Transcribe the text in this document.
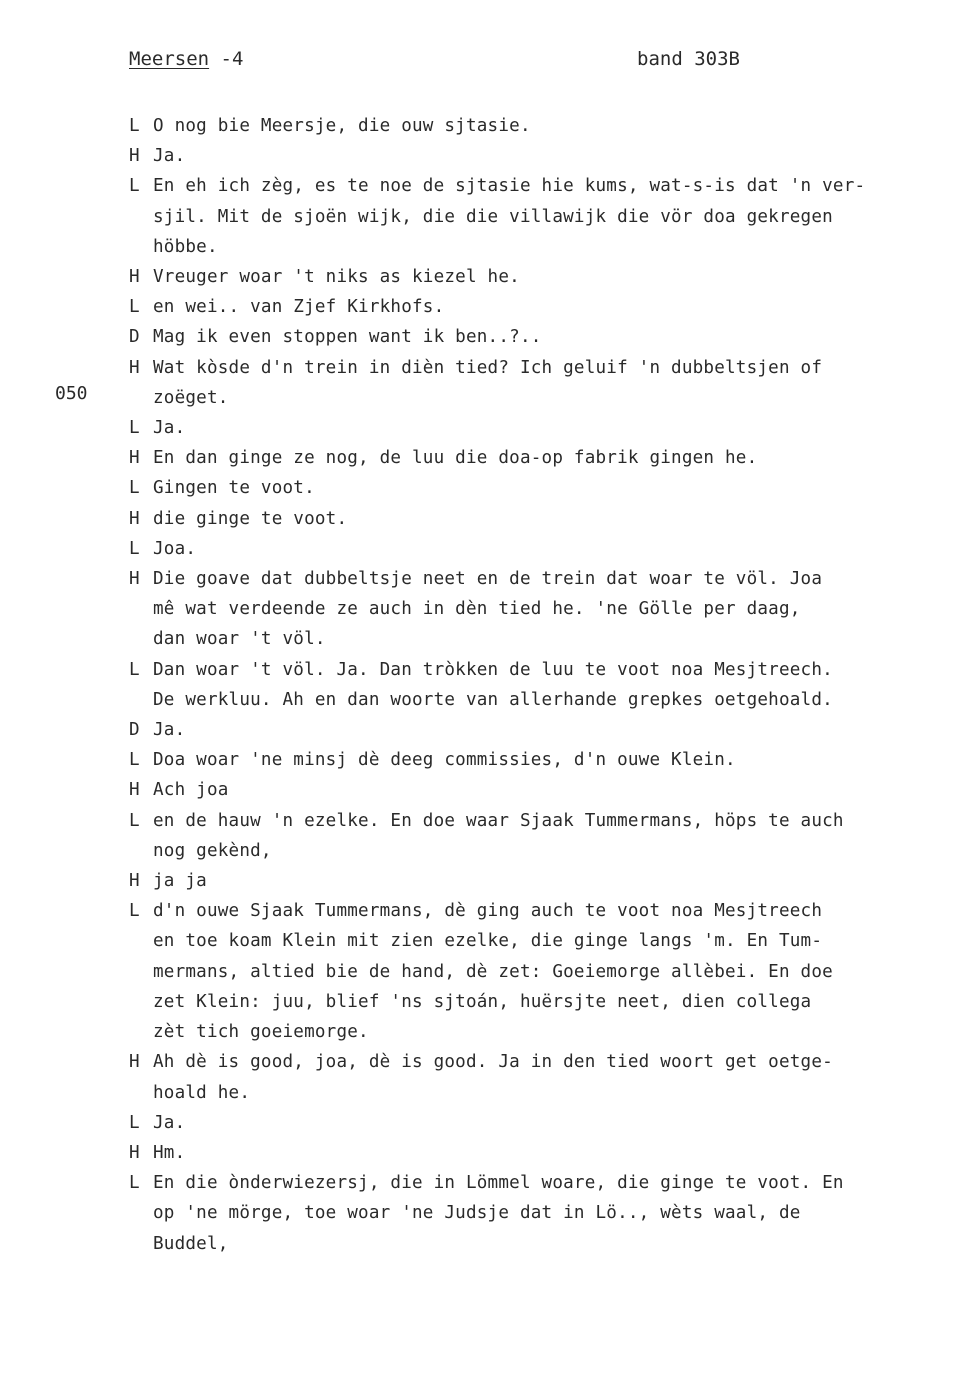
Meersen -4	band 303B
050
L O nog bie Meersje, die ouw sjtasie.
H Ja.
L En eh ich zèg, es te noe de sjtasie hie kums, wat-s-is dat 'n ver-
sjil. Mit de sjoën wijk, die die villawijk die vör doa gekregen
höbbe.
H Vreuger woar 't niks as kiezel he.
L en wei.. van Zjef Kirkhofs.
D Mag ik even stoppen want ik ben..?..
H Wat kòsde d'n trein in dièn tied? Ich geluif 'n dubbeltsjen of
zoëget.
L Ja.
H En dan ginge ze nog, de luu die doa-op fabrik gingen he.
L Gingen te voot.
H die ginge te voot.
L Joa.
H Die goave dat dubbeltsje neet en de trein dat woar te völ. Joa
mê wat verdeende ze auch in dèn tied he. 'ne Gölle per daag,
dan woar 't völ.
L Dan woar 't völ. Ja. Dan tròkken de luu te voot noa Mesjtreech.
De werkluu. Ah en dan woorte van allerhande grepkes oetgehoald.
D Ja.
L Doa woar 'ne minsj dè deeg commissies, d'n ouwe Klein.
H Ach joa
L en de hauw 'n ezelke. En doe waar Sjaak Tummermans, höps te auch
nog gekènd,
H ja ja
L d'n ouwe Sjaak Tummermans, dè ging auch te voot noa Mesjtreech
en toe koam Klein mit zien ezelke, die ginge langs 'm. En Tum-
mermans, altied bie de hand, dè zet: Goeiemorge allèbei. En doe
zet Klein: juu, blief 'ns sjtoán, huërsjte neet, dien collega
zèt tich goeiemorge.
H Ah dè is good, joa, dè is good. Ja in den tied woort get oetge-
hoald he.
L Ja.
H Hm.
L En die ònderwiezersj, die in Lömmel woare, die ginge te voot. En
op 'ne mörge, toe woar 'ne Judsje dat in Lö.., wèts waal, de
Buddel,
